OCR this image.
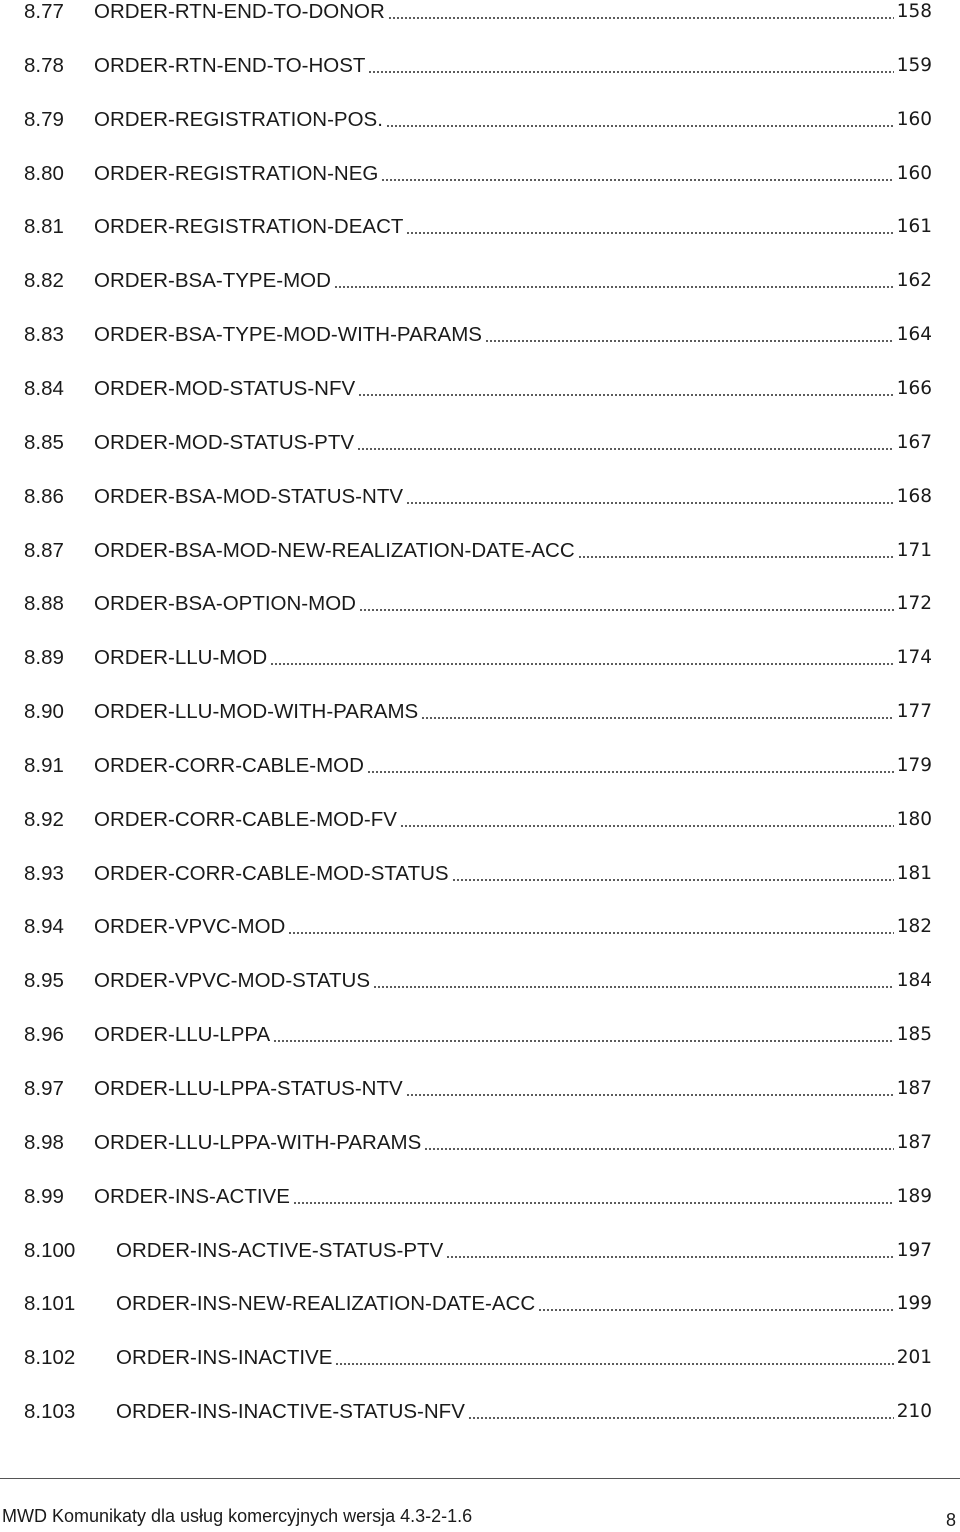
8.77	ORDER-RTN-END-TO-DONOR	158
8.78	ORDER-RTN-END-TO-HOST	159
8.79	ORDER-REGISTRATION-POS.	160
8.80	ORDER-REGISTRATION-NEG	160
8.81	ORDER-REGISTRATION-DEACT	161
8.82	ORDER-BSA-TYPE-MOD	162
8.83	ORDER-BSA-TYPE-MOD-WITH-PARAMS	164
8.84	ORDER-MOD-STATUS-NFV	166
8.85	ORDER-MOD-STATUS-PTV	167
8.86	ORDER-BSA-MOD-STATUS-NTV	168
8.87	ORDER-BSA-MOD-NEW-REALIZATION-DATE-ACC	171
8.88	ORDER-BSA-OPTION-MOD	172
8.89	ORDER-LLU-MOD	174
8.90	ORDER-LLU-MOD-WITH-PARAMS	177
8.91	ORDER-CORR-CABLE-MOD	179
8.92	ORDER-CORR-CABLE-MOD-FV	180
8.93	ORDER-CORR-CABLE-MOD-STATUS	181
8.94	ORDER-VPVC-MOD	182
8.95	ORDER-VPVC-MOD-STATUS	184
8.96	ORDER-LLU-LPPA	185
8.97	ORDER-LLU-LPPA-STATUS-NTV	187
8.98	ORDER-LLU-LPPA-WITH-PARAMS	187
8.99	ORDER-INS-ACTIVE	189
8.100	ORDER-INS-ACTIVE-STATUS-PTV	197
8.101	ORDER-INS-NEW-REALIZATION-DATE-ACC	199
8.102	ORDER-INS-INACTIVE	201
8.103	ORDER-INS-INACTIVE-STATUS-NFV	210
MWD Komunikaty dla usług komercyjnych wersja 4.3-2-1.6	8
